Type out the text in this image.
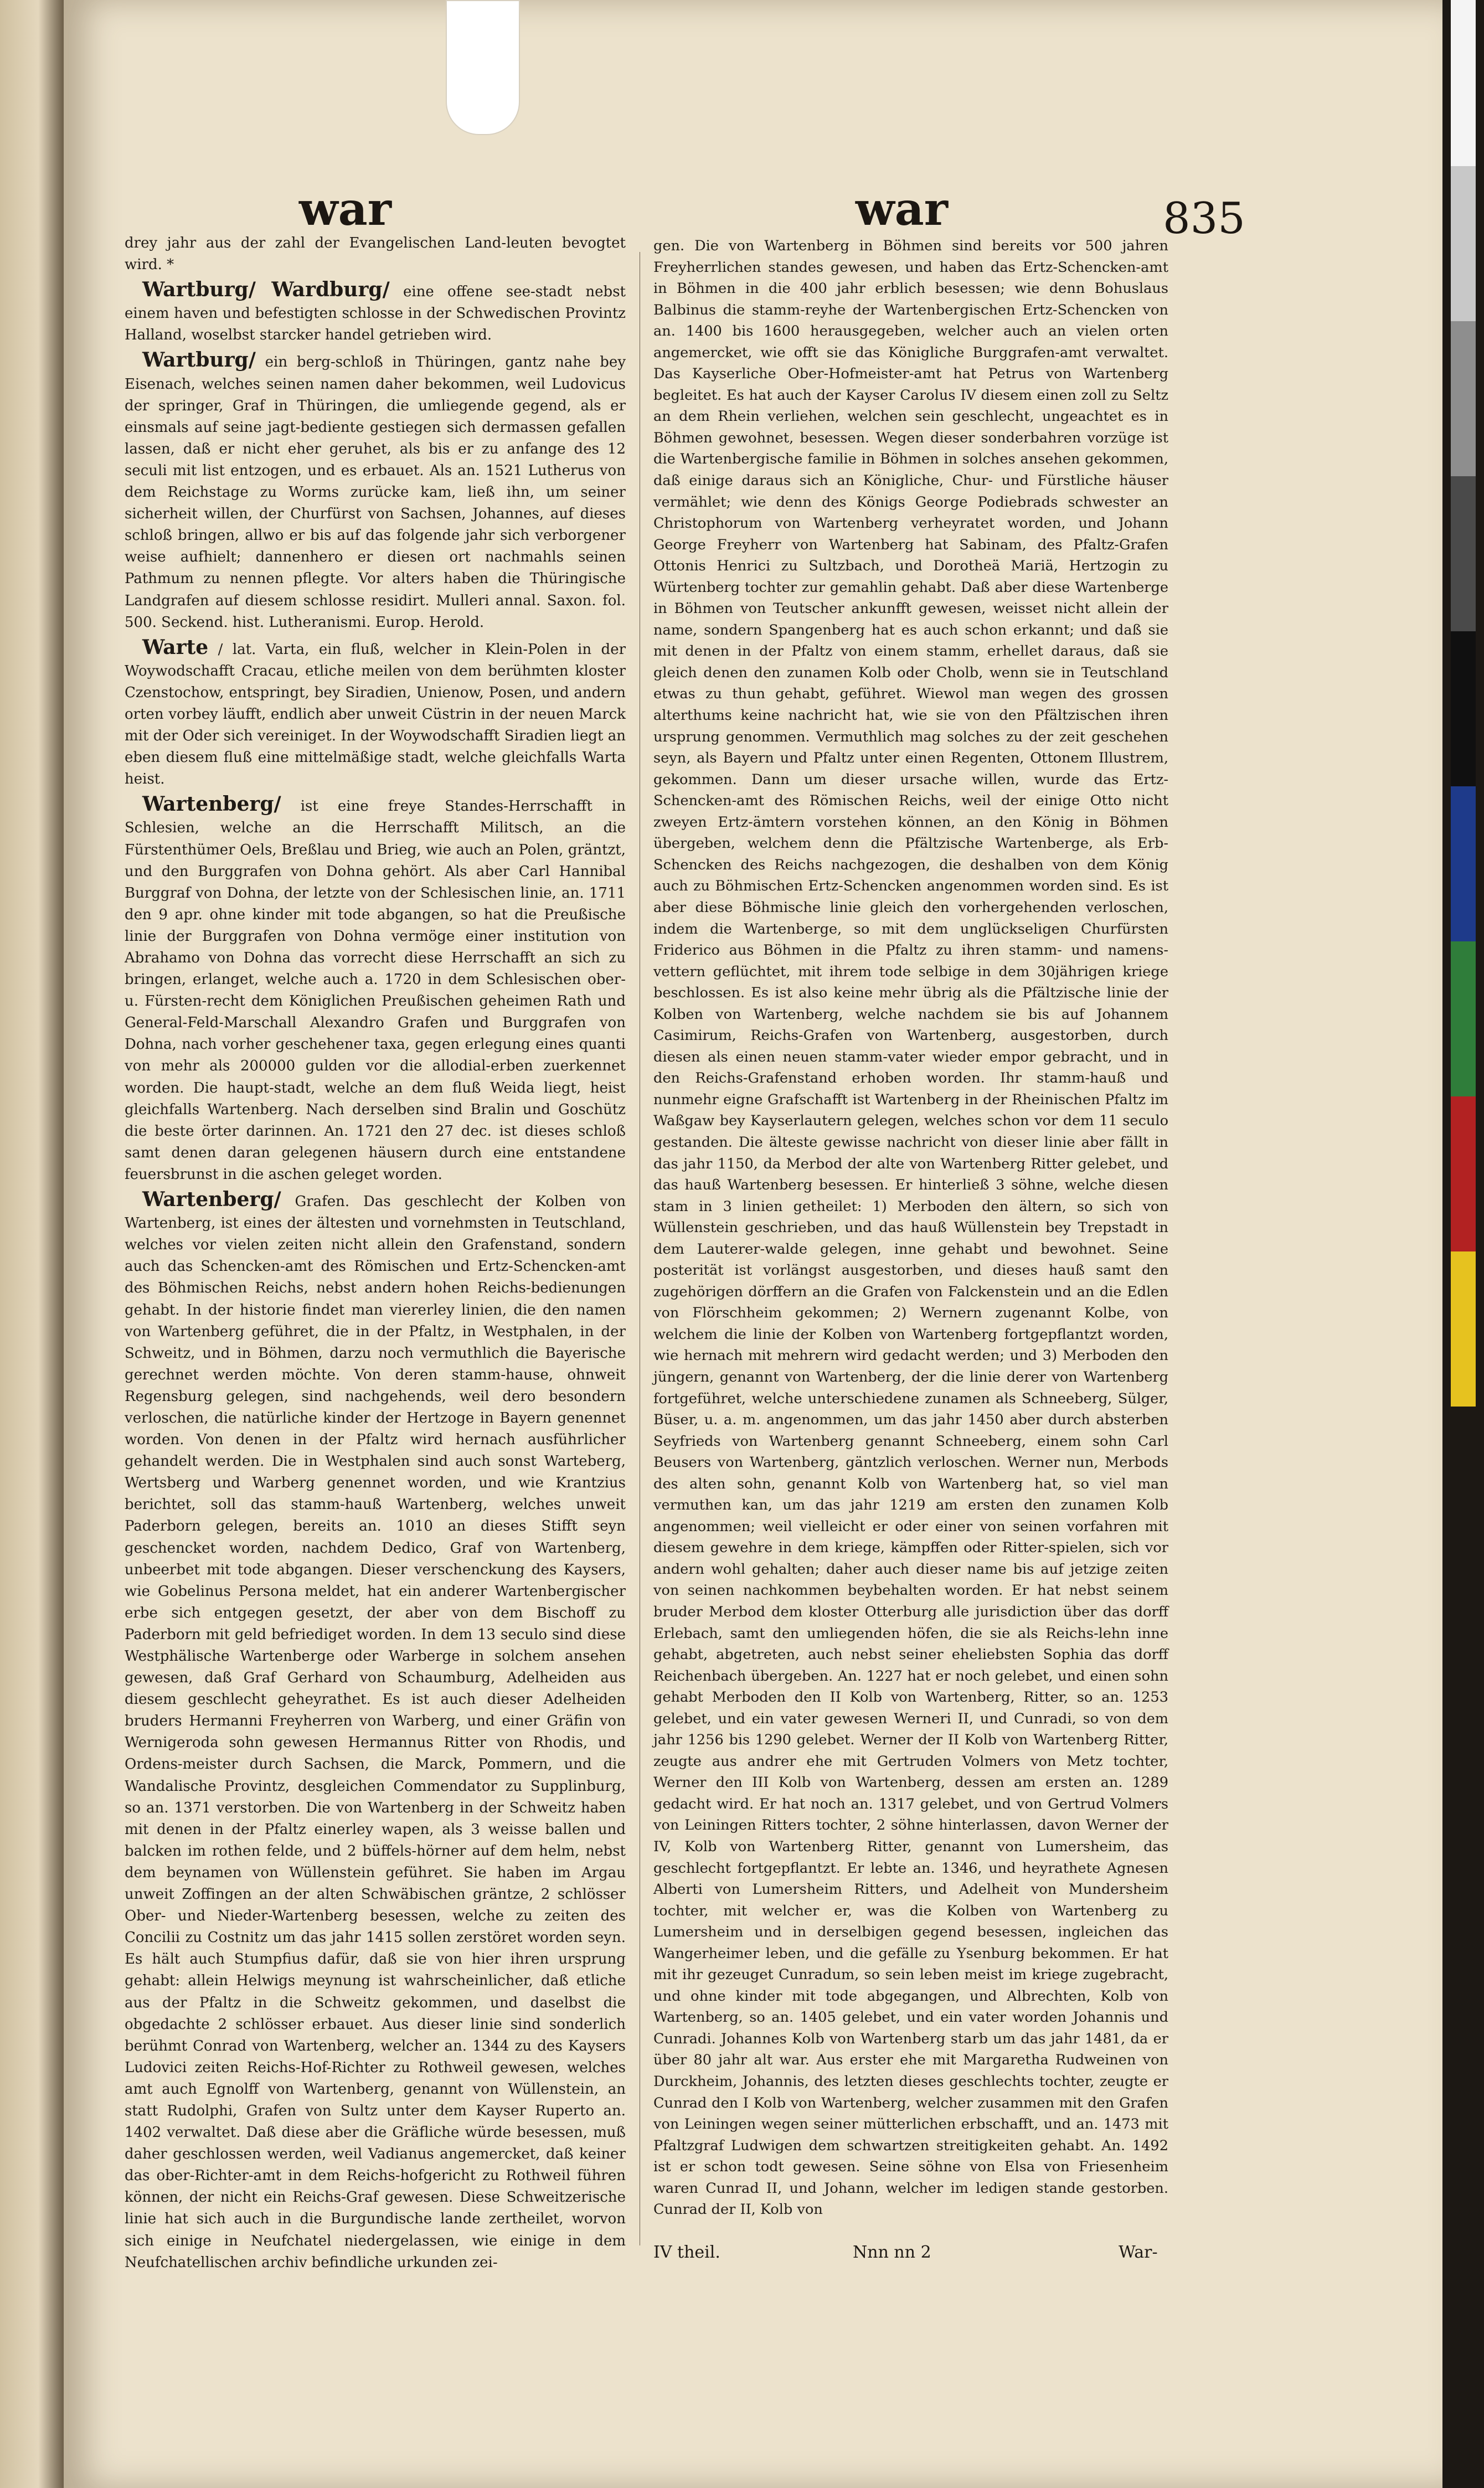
war	war	835

drey jahr aus der zahl der Evangelischen Land-leuten bevogtet wird. *

Wartburg/ Wardburg/ eine offene see-stadt nebst einem haven und befestigten schlosse in der Schwedischen Provintz Halland, woselbst starcker handel getrieben wird.

Wartburg/ ein berg-schloß in Thüringen, gantz nahe bey Eisenach, welches seinen namen daher bekommen, weil Ludovicus der springer, Graf in Thüringen, die umliegende gegend, als er einsmals auf seine jagt-bediente gestiegen sich dermassen gefallen lassen, daß er nicht eher geruhet, als bis er zu anfange des 12 seculi mit list entzogen, und es erbauet. Als an. 1521 Lutherus von dem Reichstage zu Worms zurücke kam, ließ ihn, um seiner sicherheit willen, der Churfürst von Sachsen, Johannes, auf dieses schloß bringen, allwo er bis auf das folgende jahr sich verborgener weise aufhielt; dannenhero er diesen ort nachmahls seinen Pathmum zu nennen pflegte. Vor alters haben die Thüringische Landgrafen auf diesem schlosse residirt. Mulleri annal. Saxon. fol. 500. Seckend. hist. Lutheranismi. Europ. Herold.

Warte / lat. Varta, ein fluß, welcher in Klein-Polen in der Woywodschafft Cracau, etliche meilen von dem berühmten kloster Czenstochow, entspringt, bey Siradien, Unienow, Posen, und andern orten vorbey läufft, endlich aber unweit Cüstrin in der neuen Marck mit der Oder sich vereiniget. In der Woywodschafft Siradien liegt an eben diesem fluß eine mittelmäßige stadt, welche gleichfalls Warta heist.

Wartenberg/ ist eine freye Standes-Herrschafft in Schlesien, welche an die Herrschafft Militsch, an die Fürstenthümer Oels, Breßlau und Brieg, wie auch an Polen, gräntzt, und den Burggrafen von Dohna gehört. Als aber Carl Hannibal Burggraf von Dohna, der letzte von der Schlesischen linie, an. 1711 den 9 apr. ohne kinder mit tode abgangen, so hat die Preußische linie der Burggrafen von Dohna vermöge einer institution von Abrahamo von Dohna das vorrecht diese Herrschafft an sich zu bringen, erlanget, welche auch a. 1720 in dem Schlesischen ober- u. Fürsten-recht dem Königlichen Preußischen geheimen Rath und General-Feld-Marschall Alexandro Grafen und Burggrafen von Dohna, nach vorher geschehener taxa, gegen erlegung eines quanti von mehr als 200000 gulden vor die allodial-erben zuerkennet worden. Die haupt-stadt, welche an dem fluß Weida liegt, heist gleichfalls Wartenberg. Nach derselben sind Bralin und Goschütz die beste örter darinnen. An. 1721 den 27 dec. ist dieses schloß samt denen daran gelegenen häusern durch eine entstandene feuersbrunst in die aschen geleget worden.

Wartenberg/ Grafen. Das geschlecht der Kolben von Wartenberg, ist eines der ältesten und vornehmsten in Teutschland, welches vor vielen zeiten nicht allein den Grafenstand, sondern auch das Schencken-amt des Römischen und Ertz-Schencken-amt des Böhmischen Reichs, nebst andern hohen Reichs-bedienungen gehabt. In der historie findet man viererley linien, die den namen von Wartenberg geführet, die in der Pfaltz, in Westphalen, in der Schweitz, und in Böhmen, darzu noch vermuthlich die Bayerische gerechnet werden möchte. Von deren stamm-hause, ohnweit Regensburg gelegen, sind nachgehends, weil dero besondern verloschen, die natürliche kinder der Hertzoge in Bayern genennet worden. Von denen in der Pfaltz wird hernach ausführlicher gehandelt werden. Die in Westphalen sind auch sonst Warteberg, Wertsberg und Warberg genennet worden, und wie Krantzius berichtet, soll das stamm-hauß Wartenberg, welches unweit Paderborn gelegen, bereits an. 1010 an dieses Stifft seyn geschencket worden, nachdem Dedico, Graf von Wartenberg, unbeerbet mit tode abgangen. Dieser verschenckung des Kaysers, wie Gobelinus Persona meldet, hat ein anderer Wartenbergischer erbe sich entgegen gesetzt, der aber von dem Bischoff zu Paderborn mit geld befriediget worden. In dem 13 seculo sind diese Westphälische Wartenberge oder Warberge in solchem ansehen gewesen, daß Graf Gerhard von Schaumburg, Adelheiden aus diesem geschlecht geheyrathet. Es ist auch dieser Adelheiden bruders Hermanni Freyherren von Warberg, und einer Gräfin von Wernigeroda sohn gewesen Hermannus Ritter von Rhodis, und Ordens-meister durch Sachsen, die Marck, Pommern, und die Wandalische Provintz, desgleichen Commendator zu Supplinburg, so an. 1371 verstorben. Die von Wartenberg in der Schweitz haben mit denen in der Pfaltz einerley wapen, als 3 weisse ballen und balcken im rothen felde, und 2 büffels-hörner auf dem helm, nebst dem beynamen von Wüllenstein geführet. Sie haben im Argau unweit Zoffingen an der alten Schwäbischen gräntze, 2 schlösser Ober- und Nieder-Wartenberg besessen, welche zu zeiten des Concilii zu Costnitz um das jahr 1415 sollen zerstöret worden seyn. Es hält auch Stumpfius dafür, daß sie von hier ihren ursprung gehabt: allein Helwigs meynung ist wahrscheinlicher, daß etliche aus der Pfaltz in die Schweitz gekommen, und daselbst die obgedachte 2 schlösser erbauet. Aus dieser linie sind sonderlich berühmt Conrad von Wartenberg, welcher an. 1344 zu des Kaysers Ludovici zeiten Reichs-Hof-Richter zu Rothweil gewesen, welches amt auch Egnolff von Wartenberg, genannt von Wüllenstein, an statt Rudolphi, Grafen von Sultz unter dem Kayser Ruperto an. 1402 verwaltet. Daß diese aber die Gräfliche würde besessen, muß daher geschlossen werden, weil Vadianus angemercket, daß keiner das ober-Richter-amt in dem Reichs-hofgericht zu Rothweil führen können, der nicht ein Reichs-Graf gewesen. Diese Schweitzerische linie hat sich auch in die Burgundische lande zertheilet, worvon sich einige in Neufchatel niedergelassen, wie einige in dem Neufchatellischen archiv befindliche urkunden zei-

gen. Die von Wartenberg in Böhmen sind bereits vor 500 jahren Freyherrlichen standes gewesen, und haben das Ertz-Schencken-amt in Böhmen in die 400 jahr erblich besessen; wie denn Bohuslaus Balbinus die stamm-reyhe der Wartenbergischen Ertz-Schencken von an. 1400 bis 1600 herausgegeben, welcher auch an vielen orten angemercket, wie offt sie das Königliche Burggrafen-amt verwaltet. Das Kayserliche Ober-Hofmeister-amt hat Petrus von Wartenberg begleitet. Es hat auch der Kayser Carolus IV diesem einen zoll zu Seltz an dem Rhein verliehen, welchen sein geschlecht, ungeachtet es in Böhmen gewohnet, besessen. Wegen dieser sonderbahren vorzüge ist die Wartenbergische familie in Böhmen in solches ansehen gekommen, daß einige daraus sich an Königliche, Chur- und Fürstliche häuser vermählet; wie denn des Königs George Podiebrads schwester an Christophorum von Wartenberg verheyratet worden, und Johann George Freyherr von Wartenberg hat Sabinam, des Pfaltz-Grafen Ottonis Henrici zu Sultzbach, und Dorotheä Mariä, Hertzogin zu Würtenberg tochter zur gemahlin gehabt. Daß aber diese Wartenberge in Böhmen von Teutscher ankunfft gewesen, weisset nicht allein der name, sondern Spangenberg hat es auch schon erkannt; und daß sie mit denen in der Pfaltz von einem stamm, erhellet daraus, daß sie gleich denen den zunamen Kolb oder Cholb, wenn sie in Teutschland etwas zu thun gehabt, geführet. Wiewol man wegen des grossen alterthums keine nachricht hat, wie sie von den Pfältzischen ihren ursprung genommen. Vermuthlich mag solches zu der zeit geschehen seyn, als Bayern und Pfaltz unter einen Regenten, Ottonem Illustrem, gekommen. Dann um dieser ursache willen, wurde das Ertz-Schencken-amt des Römischen Reichs, weil der einige Otto nicht zweyen Ertz-ämtern vorstehen können, an den König in Böhmen übergeben, welchem denn die Pfältzische Wartenberge, als Erb-Schencken des Reichs nachgezogen, die deshalben von dem König auch zu Böhmischen Ertz-Schencken angenommen worden sind. Es ist aber diese Böhmische linie gleich den vorhergehenden verloschen, indem die Wartenberge, so mit dem unglückseligen Churfürsten Friderico aus Böhmen in die Pfaltz zu ihren stamm- und namens-vettern geflüchtet, mit ihrem tode selbige in dem 30jährigen kriege beschlossen. Es ist also keine mehr übrig als die Pfältzische linie der Kolben von Wartenberg, welche nachdem sie bis auf Johannem Casimirum, Reichs-Grafen von Wartenberg, ausgestorben, durch diesen als einen neuen stamm-vater wieder empor gebracht, und in den Reichs-Grafenstand erhoben worden. Ihr stamm-hauß und nunmehr eigne Grafschafft ist Wartenberg in der Rheinischen Pfaltz im Waßgaw bey Kayserlautern gelegen, welches schon vor dem 11 seculo gestanden. Die älteste gewisse nachricht von dieser linie aber fällt in das jahr 1150, da Merbod der alte von Wartenberg Ritter gelebet, und das hauß Wartenberg besessen. Er hinterließ 3 söhne, welche diesen stam in 3 linien getheilet: 1) Merboden den ältern, so sich von Wüllenstein geschrieben, und das hauß Wüllenstein bey Trepstadt in dem Lauterer-walde gelegen, inne gehabt und bewohnet. Seine posterität ist vorlängst ausgestorben, und dieses hauß samt den zugehörigen dörffern an die Grafen von Falckenstein und an die Edlen von Flörschheim gekommen; 2) Wernern zugenannt Kolbe, von welchem die linie der Kolben von Wartenberg fortgepflantzt worden, wie hernach mit mehrern wird gedacht werden; und 3) Merboden den jüngern, genannt von Wartenberg, der die linie derer von Wartenberg fortgeführet, welche unterschiedene zunamen als Schneeberg, Sülger, Büser, u. a. m. angenommen, um das jahr 1450 aber durch absterben Seyfrieds von Wartenberg genannt Schneeberg, einem sohn Carl Beusers von Wartenberg, gäntzlich verloschen. Werner nun, Merbods des alten sohn, genannt Kolb von Wartenberg hat, so viel man vermuthen kan, um das jahr 1219 am ersten den zunamen Kolb angenommen; weil vielleicht er oder einer von seinen vorfahren mit diesem gewehre in dem kriege, kämpffen oder Ritter-spielen, sich vor andern wohl gehalten; daher auch dieser name bis auf jetzige zeiten von seinen nachkommen beybehalten worden. Er hat nebst seinem bruder Merbod dem kloster Otterburg alle jurisdiction über das dorff Erlebach, samt den umliegenden höfen, die sie als Reichs-lehn inne gehabt, abgetreten, auch nebst seiner eheliebsten Sophia das dorff Reichenbach übergeben. An. 1227 hat er noch gelebet, und einen sohn gehabt Merboden den II Kolb von Wartenberg, Ritter, so an. 1253 gelebet, und ein vater gewesen Werneri II, und Cunradi, so von dem jahr 1256 bis 1290 gelebet. Werner der II Kolb von Wartenberg Ritter, zeugte aus andrer ehe mit Gertruden Volmers von Metz tochter, Werner den III Kolb von Wartenberg, dessen am ersten an. 1289 gedacht wird. Er hat noch an. 1317 gelebet, und von Gertrud Volmers von Leiningen Ritters tochter, 2 söhne hinterlassen, davon Werner der IV, Kolb von Wartenberg Ritter, genannt von Lumersheim, das geschlecht fortgepflantzt. Er lebte an. 1346, und heyrathete Agnesen Alberti von Lumersheim Ritters, und Adelheit von Mundersheim tochter, mit welcher er, was die Kolben von Wartenberg zu Lumersheim und in derselbigen gegend besessen, ingleichen das Wangerheimer leben, und die gefälle zu Ysenburg bekommen. Er hat mit ihr gezeuget Cunradum, so sein leben meist im kriege zugebracht, und ohne kinder mit tode abgegangen, und Albrechten, Kolb von Wartenberg, so an. 1405 gelebet, und ein vater worden Johannis und Cunradi. Johannes Kolb von Wartenberg starb um das jahr 1481, da er über 80 jahr alt war. Aus erster ehe mit Margaretha Rudweinen von Durckheim, Johannis, des letzten dieses geschlechts tochter, zeugte er Cunrad den I Kolb von Wartenberg, welcher zusammen mit den Grafen von Leiningen wegen seiner mütterlichen erbschafft, und an. 1473 mit Pfaltzgraf Ludwigen dem schwartzen streitigkeiten gehabt. An. 1492 ist er schon todt gewesen. Seine söhne von Elsa von Friesenheim waren Cunrad II, und Johann, welcher im ledigen stande gestorben. Cunrad der II, Kolb von

IV theil.	Nnn nn 2	War-
